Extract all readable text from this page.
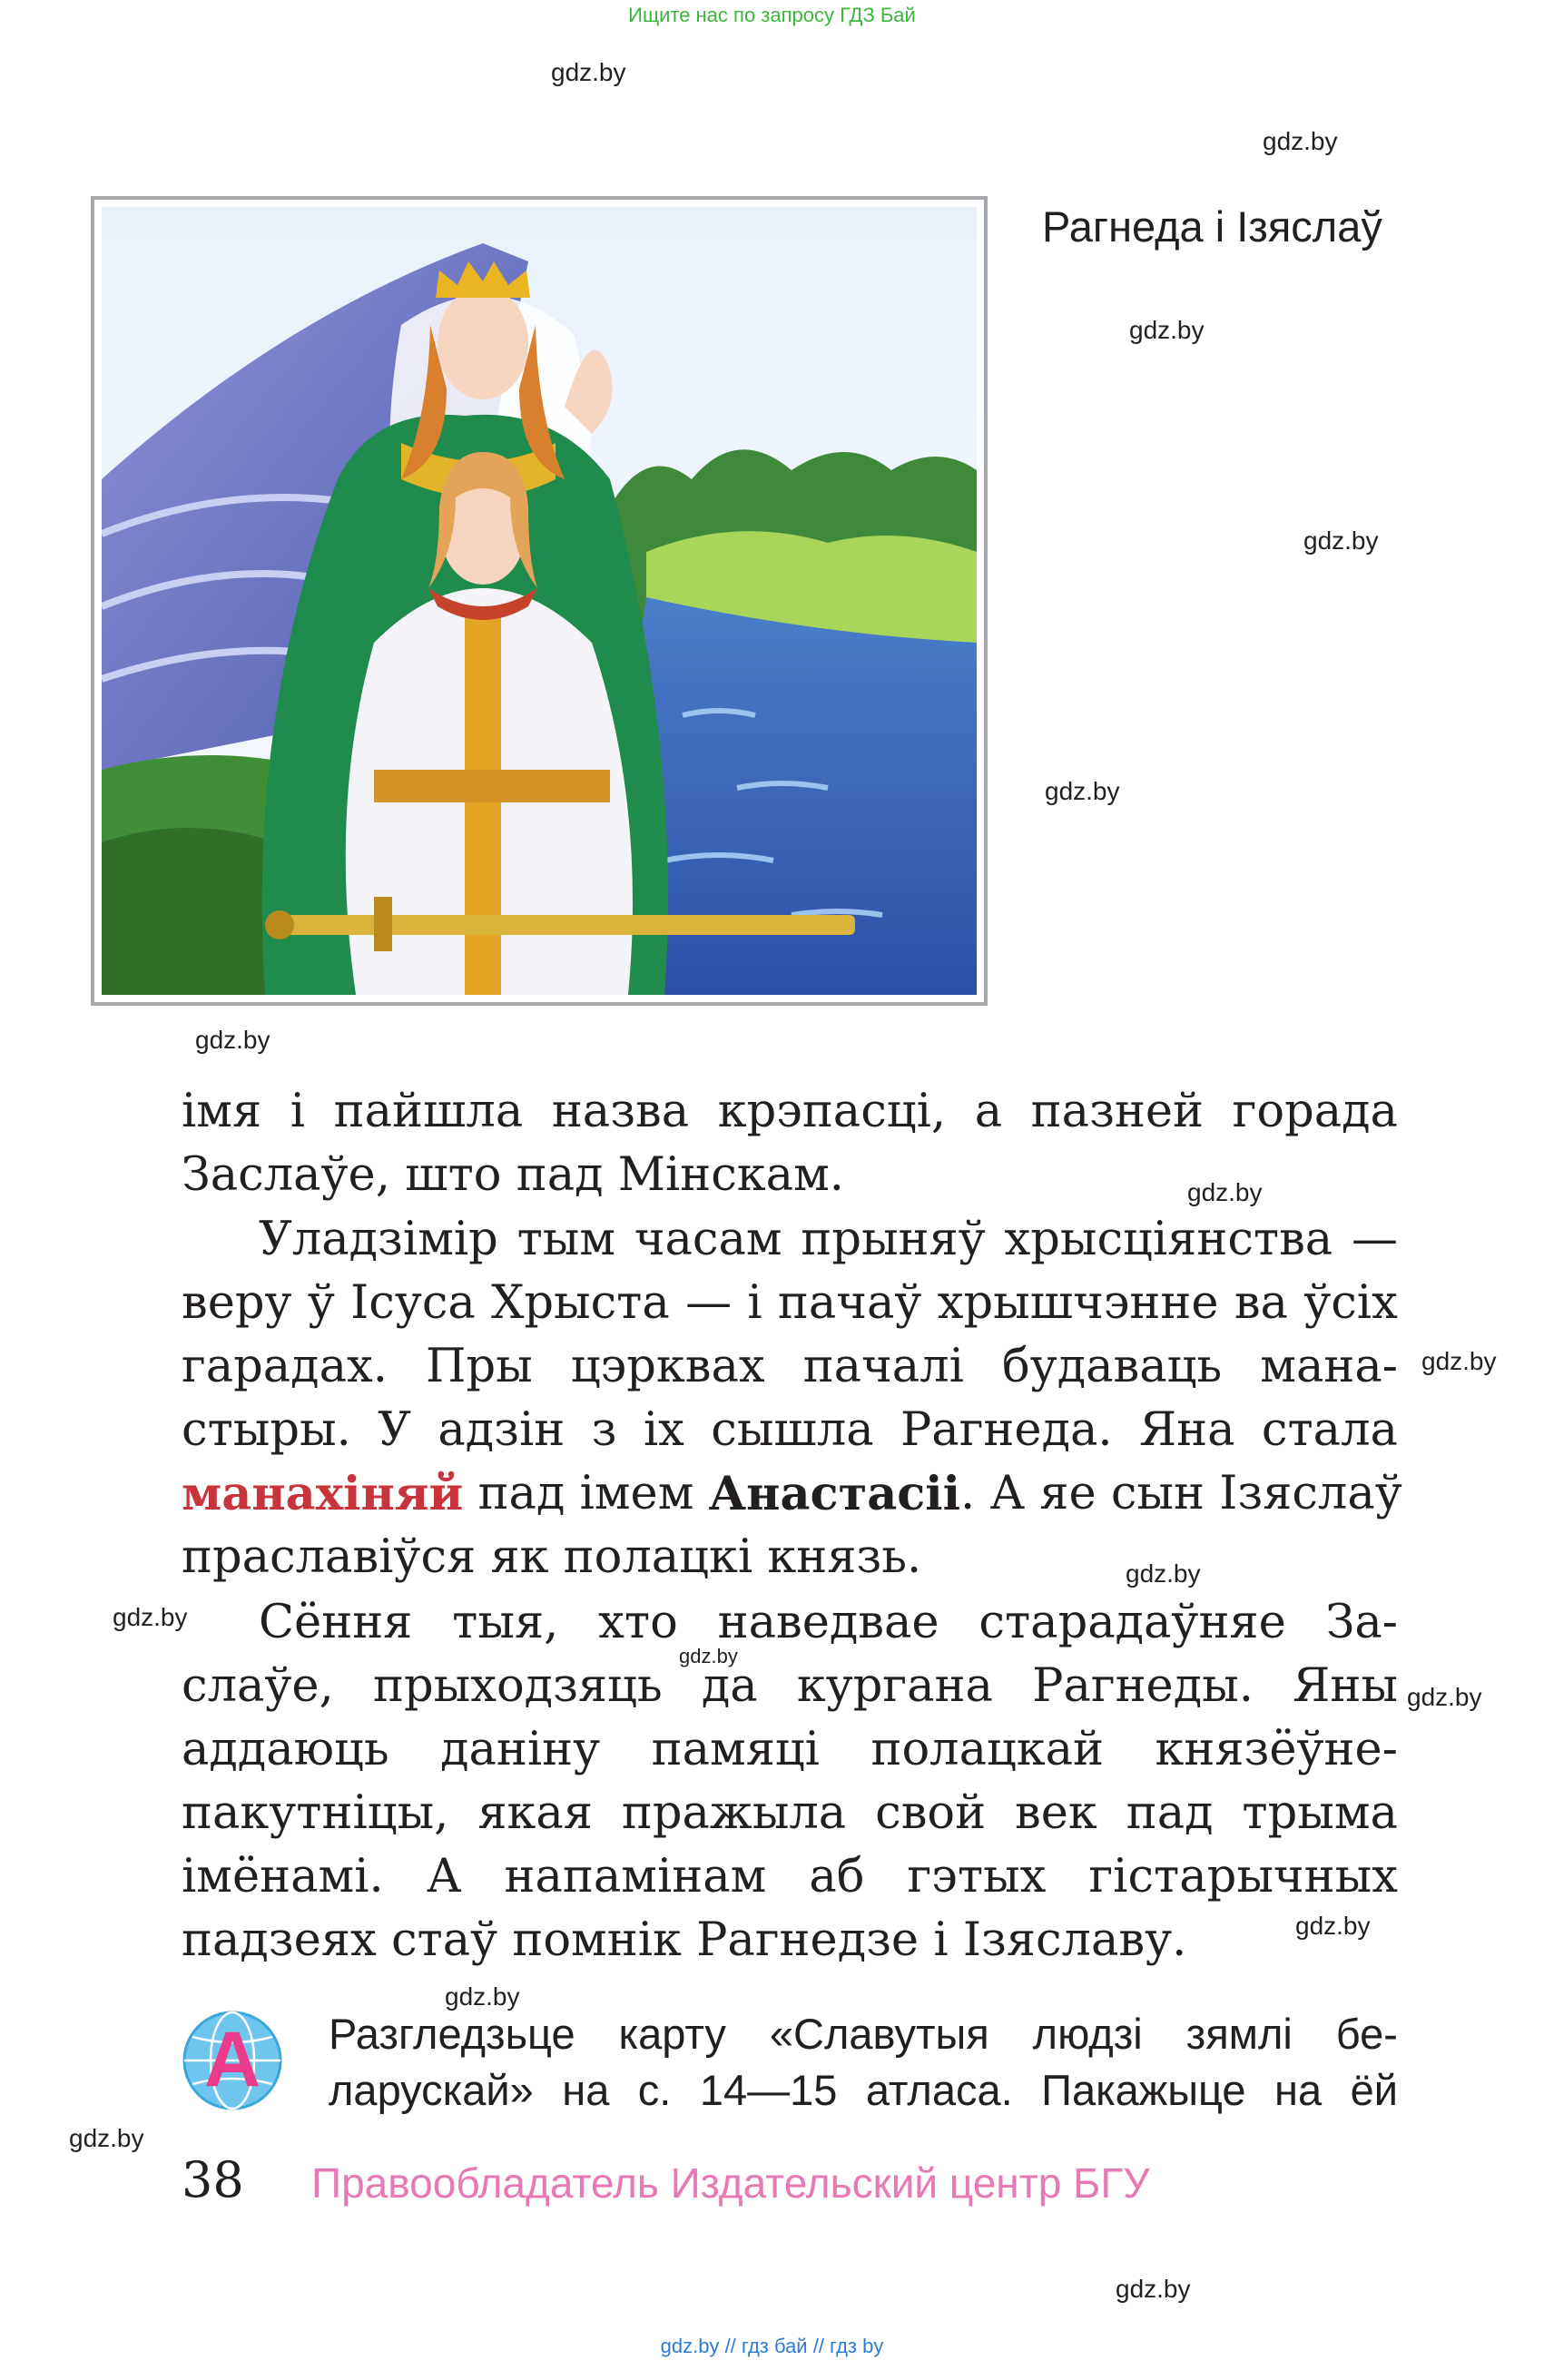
Ищите нас по запросу ГДЗ Бай
gdz.by
gdz.by
gdz.by
gdz.by
gdz.by
gdz.by
gdz.by
gdz.by
gdz.by
gdz.by
gdz.by
gdz.by
gdz.by
gdz.by
gdz.by
gdz.by
Рагнеда і Ізяслаў
імя і пайшла назва крэпасці, а пазней горада
Заслаўе, што пад Мінскам.
Уладзімір тым часам прыняў хрысціянства —
веру ў Ісуса Хрыста — і пачаў хрышчэнне ва ўсіх
гарадах. Пры цэрквах пачалі будаваць мана-
стыры. У адзін з іх сышла Рагнеда. Яна стала
манахіняй
пад імем
Анастасіі . А яе сын Ізяслаў
праславіўся як полацкі князь.
Сёння тыя, хто наведвае старадаўняе За-
слаўе, прыходзяць да кургана Рагнеды. Яны
аддаюць даніну памяці полацкай князёўне-
пакутніцы, якая пражыла свой век пад трыма
імёнамі. А напамінам аб гэтых гістарычных
падзеях стаў помнік Рагнедзе і Ізяславу.
А Разгледзьце карту «Славутыя людзі зямлі бе-
ларускай» на с. 14—15 атласа. Пакажыце на ёй
38 Правообладатель Издательский центр БГУ
gdz.by // гдз бай // гдз by
